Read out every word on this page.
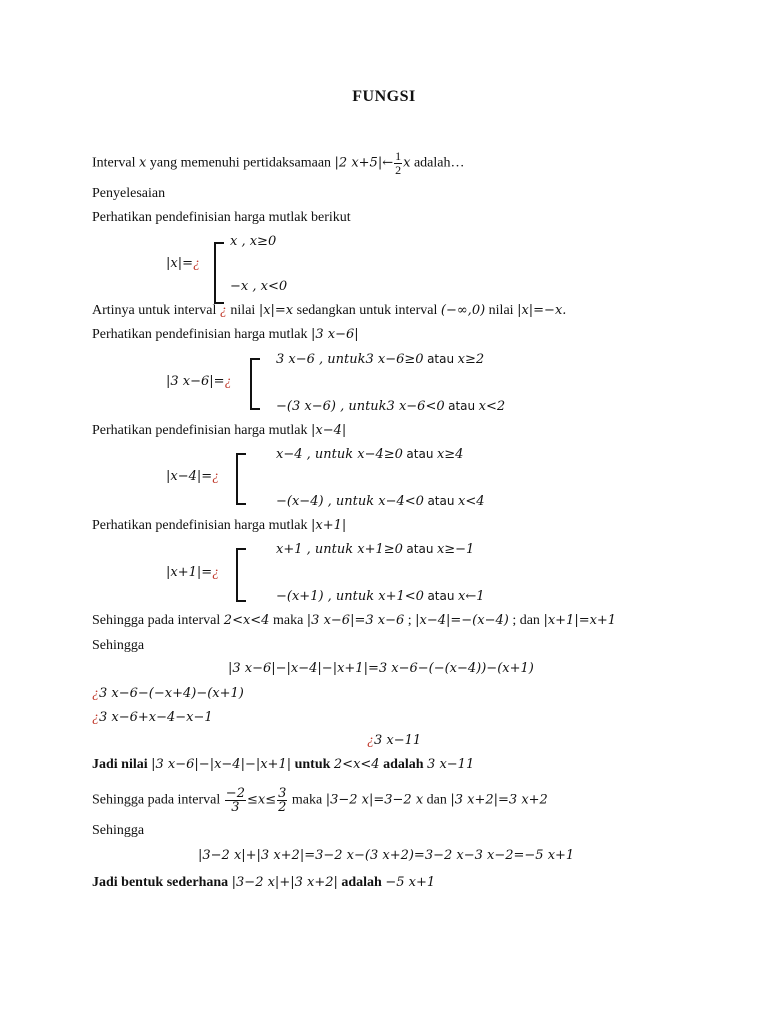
FUNGSI
Interval x yang memenuhi pertidaksamaan |2 x+5|← $\frac{1}{2}$ x adalah…
Penyelesaian
Perhatikan pendefinisian harga mutlak berikut
|x|=¿
x , x≥0
−x , x<0
Artinya untuk interval ¿ nilai |x|=x sedangkan untuk interval (−∞,0) nilai |x|=−x.
Perhatikan pendefinisian harga mutlak |3 x−6|
|3 x−6|=¿
3 x−6 , untuk3 x−6≥0 atau x≥2
−(3 x−6) , untuk3 x−6<0 atau x<2
Perhatikan pendefinisian harga mutlak |x−4|
|x−4|=¿
x−4 , untuk x−4≥0 atau x≥4
−(x−4) , untuk x−4<0 atau x<4
Perhatikan pendefinisian harga mutlak |x+1|
|x+1|=¿
x+1 , untuk x+1≥0 atau x≥−1
−(x+1) , untuk x+1<0 atau x←1
Sehingga pada interval 2<x<4 maka |3 x−6|=3 x−6 ; |x−4|=−(x−4) ; dan |x+1|=x+1
Sehingga
|3 x−6|−|x−4|−|x+1|=3 x−6−(−(x−4))−(x+1)
¿3 x−6−(−x+4)−(x+1)
¿3 x−6+x−4−x−1
¿3 x−11
Jadi nilai |3 x−6|−|x−4|−|x+1| untuk 2<x<4 adalah 3 x−11
Sehingga pada interval $\frac{-2}{3} \le x\le \frac{3}{2}$ maka |3−2 x|=3−2 x dan |3 x+2|=3 x+2
Sehingga
|3−2 x|+|3 x+2|=3−2 x−(3 x+2)=3−2 x−3 x−2=−5 x+1
Jadi bentuk sederhana |3−2 x|+|3 x+2| adalah −5 x+1
